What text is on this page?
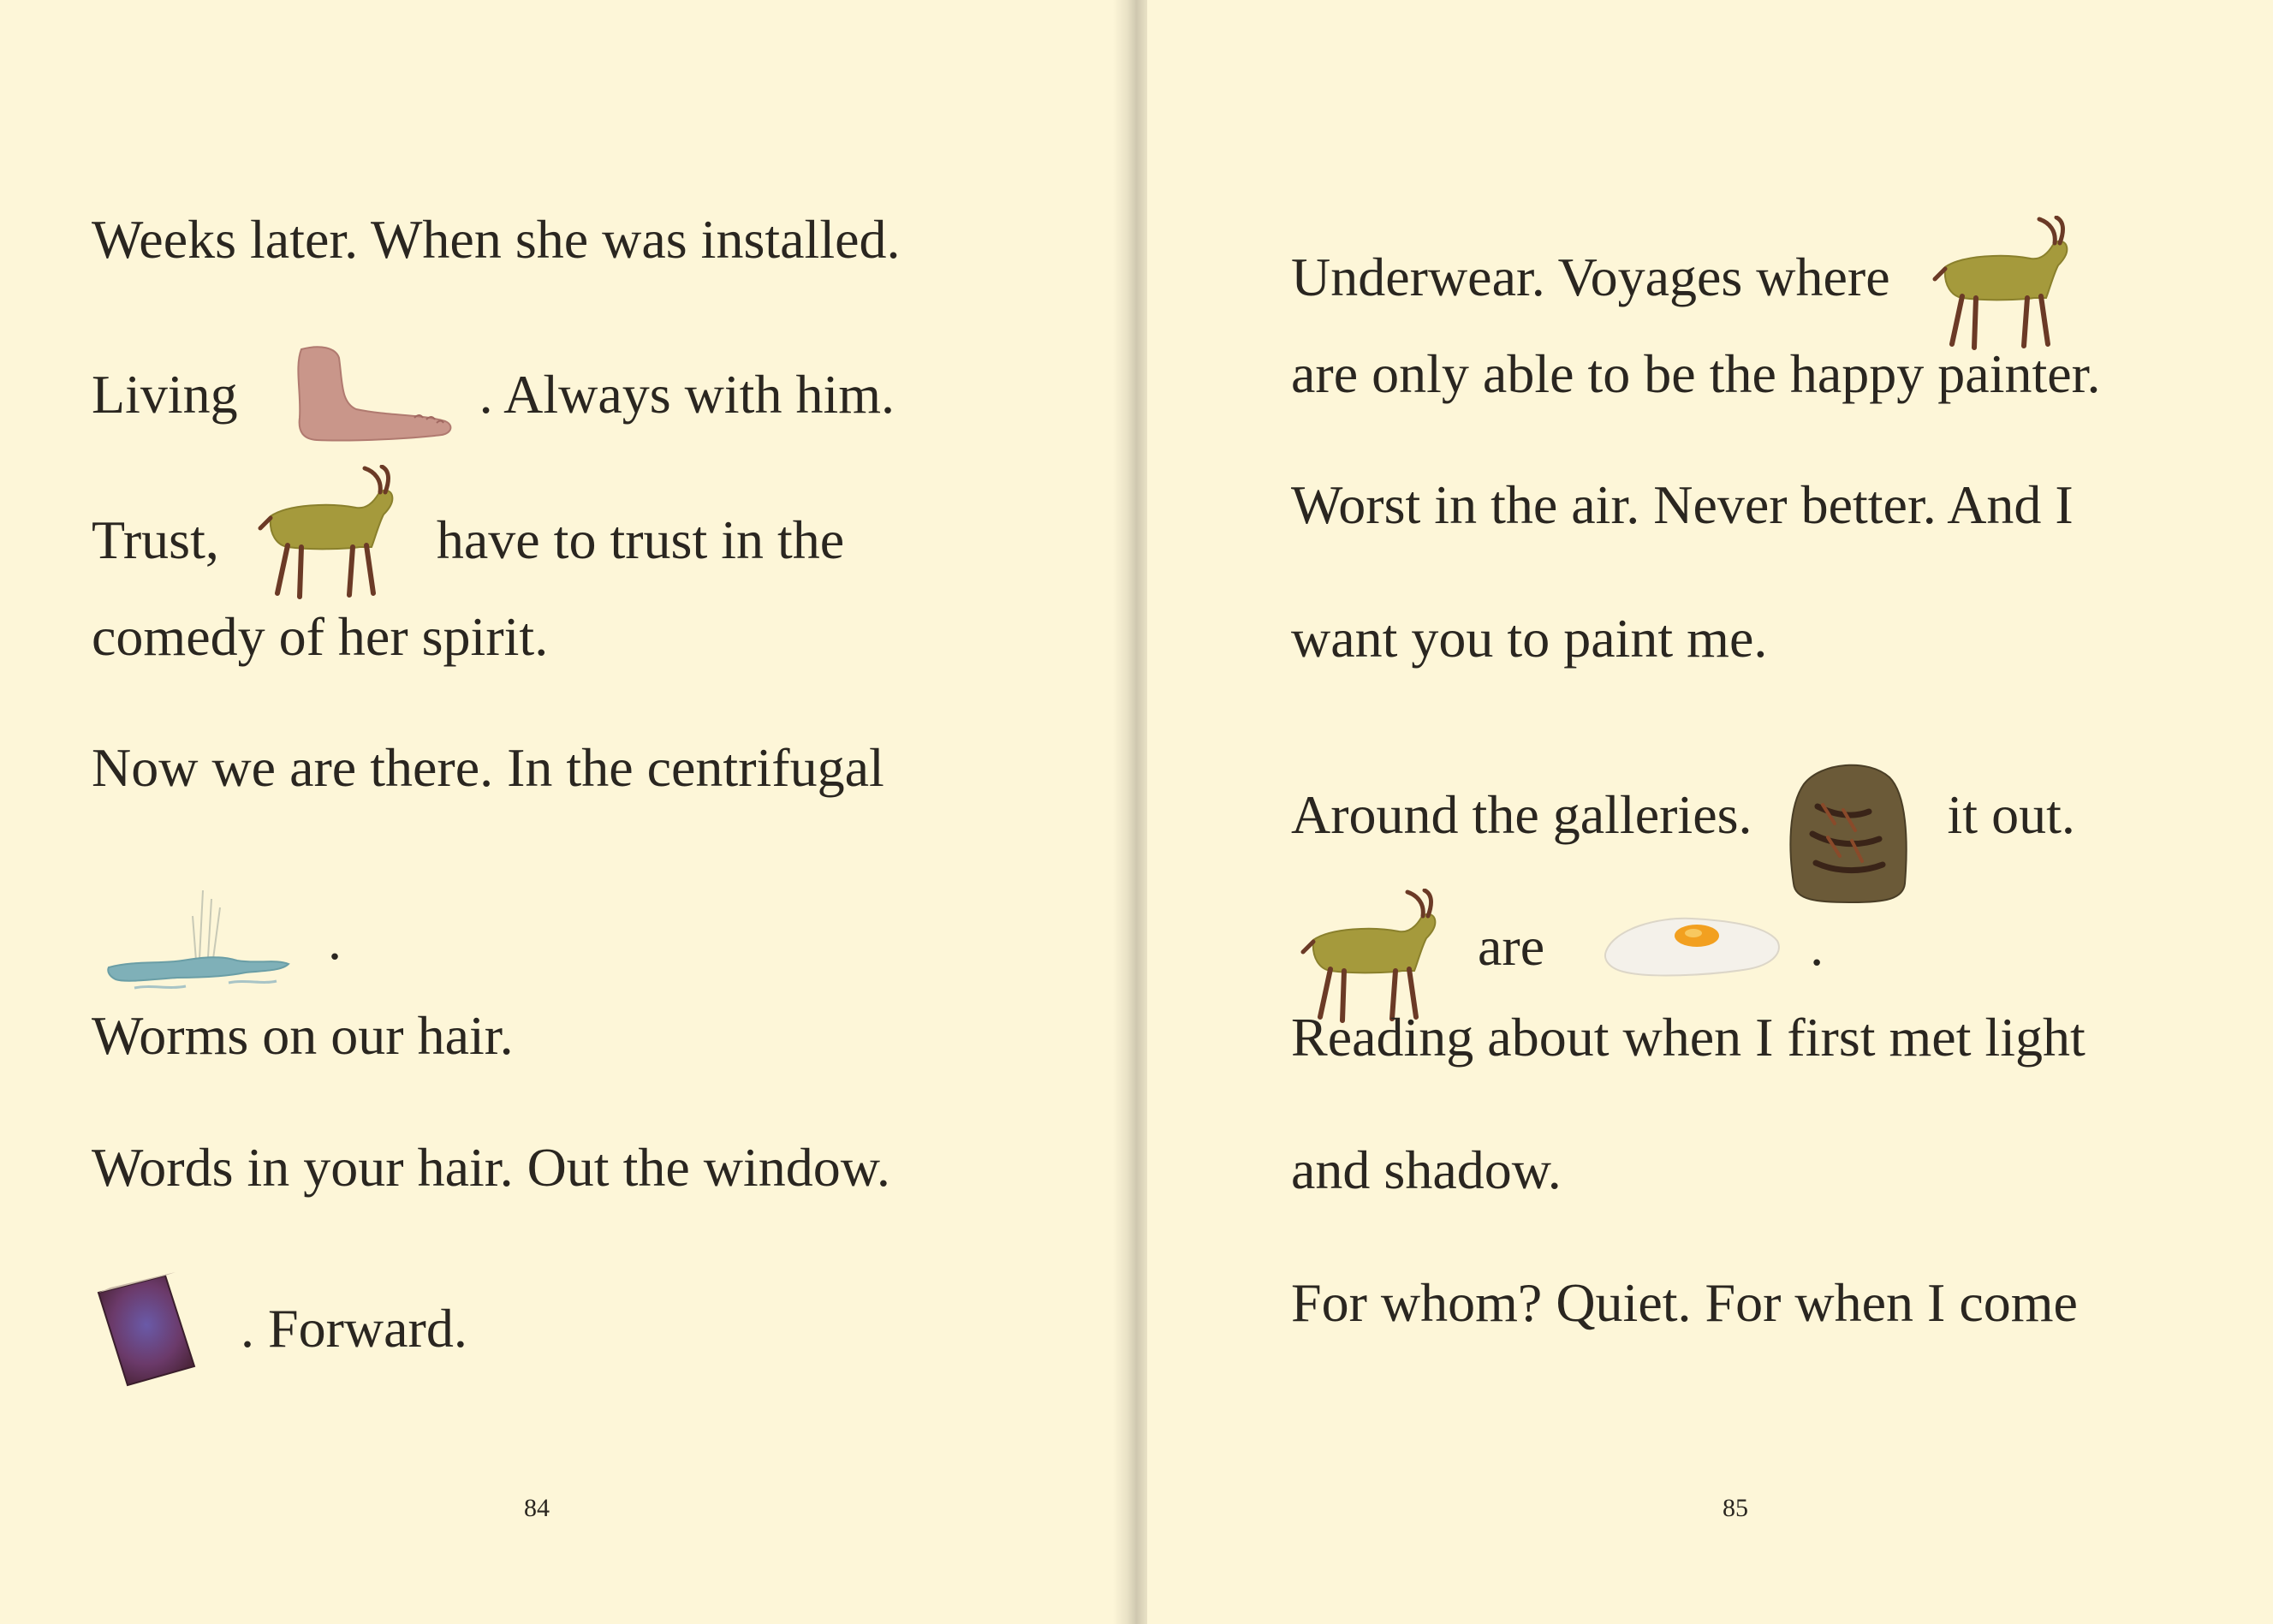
Weeks later. When she was installed.
Living	. Always with him.
Trust,	have to trust in the
comedy of her spirit.
Now we are there. In the centrifugal
.
Worms on our hair.
Words in your hair. Out the window.
. Forward.
84
Underwear. Voyages where
are only able to be the happy painter.
Worst in the air. Never better. And I
want you to paint me.
Around the galleries.	it out.
are	.
Reading about when I first met light
and shadow.
For whom? Quiet. For when I come
85
